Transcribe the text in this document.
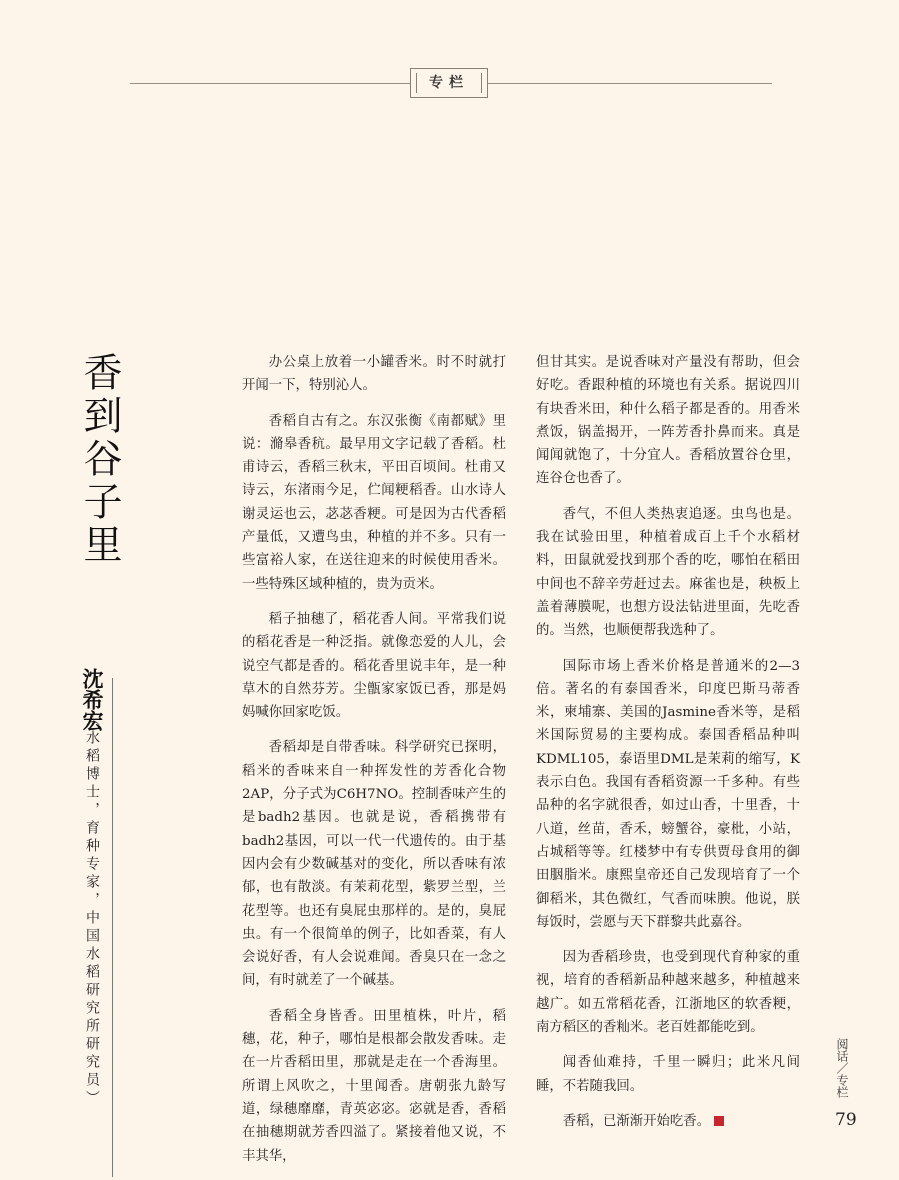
专栏
香到谷子里
沈希宏
（水稻博士，育种专家，中国水稻研究所研究员）

办公桌上放着一小罐香米。时不时就打开闻一下，特别沁人。

香稻自古有之。东汉张衡《南都赋》里说：滫皋香秔。最早用文字记载了香稻。杜甫诗云，香稻三秋末，平田百顷间。杜甫又诗云，东渚雨今足，伫闻粳稻香。山水诗人谢灵运也云，苾苾香粳。可是因为古代香稻产量低，又遭鸟虫，种植的并不多。只有一些富裕人家，在送往迎来的时候使用香米。一些特殊区域种植的，贵为贡米。

稻子抽穗了，稻花香人间。平常我们说的稻花香是一种泛指。就像恋爱的人儿，会说空气都是香的。稻花香里说丰年，是一种草木的自然芬芳。尘甑家家饭已香，那是妈妈喊你回家吃饭。

香稻却是自带香味。科学研究已探明，稻米的香味来自一种挥发性的芳香化合物2AP，分子式为C6H7NO。控制香味产生的是badh2基因。也就是说，香稻携带有badh2基因，可以一代一代遗传的。由于基因内会有少数碱基对的变化，所以香味有浓郁，也有散淡。有茉莉花型，紫罗兰型，兰花型等。也还有臭屁虫那样的。是的，臭屁虫。有一个很简单的例子，比如香菜，有人会说好香，有人会说难闻。香臭只在一念之间，有时就差了一个碱基。

香稻全身皆香。田里植株，叶片，稻穗，花，种子，哪怕是根都会散发香味。走在一片香稻田里，那就是走在一个香海里。所谓上风吹之，十里闻香。唐朝张九龄写道，绿穗靡靡，青英宓宓。宓就是香，香稻在抽穗期就芳香四溢了。紧接着他又说，不丰其华，

但甘其实。是说香味对产量没有帮助，但会好吃。香跟种植的环境也有关系。据说四川有块香米田，种什么稻子都是香的。用香米煮饭，锅盖揭开，一阵芳香扑鼻而来。真是闻闻就饱了，十分宜人。香稻放置谷仓里，连谷仓也香了。

香气，不但人类热衷追逐。虫鸟也是。我在试验田里，种植着成百上千个水稻材料，田鼠就爱找到那个香的吃，哪怕在稻田中间也不辞辛劳赶过去。麻雀也是，秧板上盖着薄膜呢，也想方设法钻进里面，先吃香的。当然，也顺便帮我选种了。

国际市场上香米价格是普通米的2—3倍。著名的有泰国香米，印度巴斯马蒂香米，柬埔寨、美国的Jasmine香米等，是稻米国际贸易的主要构成。泰国香稻品种叫KDML105，泰语里DML是茉莉的缩写，K表示白色。我国有香稻资源一千多种。有些品种的名字就很香，如过山香，十里香，十八道，丝苗，香禾，螃蟹谷，豪枇，小站，占城稻等等。红楼梦中有专供贾母食用的御田胭脂米。康熙皇帝还自己发现培育了一个御稻米，其色微红，气香而味腴。他说，朕每饭时，尝愿与天下群黎共此嘉谷。

因为香稻珍贵，也受到现代育种家的重视，培育的香稻新品种越来越多，种植越来越广。如五常稻花香，江浙地区的软香粳，南方稻区的香籼米。老百姓都能吃到。

闻香仙难持，千里一瞬归；此米凡间睡，不若随我回。

香稻，已渐渐开始吃香。

阅话／专栏
79
